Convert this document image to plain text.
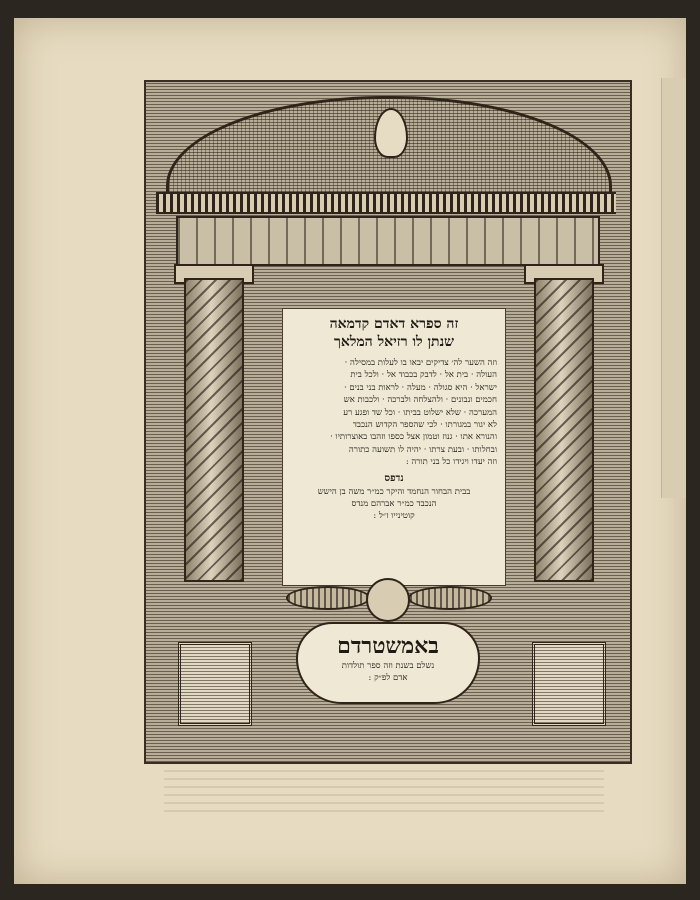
זה ספרא דאדם קדמאה

שנתן לו רזיאל המלאך

וזה השער לה׳ צדיקים יבאו בו לעלות במסילה ·
העולה · בית אל · לדבק בכבוד אל · ולכל בית
ישראל · היא סגולה · מעלה · לראות בני בנים ·
חכמים ונבונים · ולהצלחה ולברכה · ולכבות אש
המערכה · שלא ישלוט בביתו · וכל שד ופגע רע
לא יגור במגורתו · לכי שהספר הקדוש הנכבד
והנורא אתו · גנוז וטמון אצל כספו וזהבו באוצרותיו ·
ובחלותו · ובעת צרתו · יהיה לו תשועה כתורה
וזה יעדו ויגידו כל בני תורה :

נדפס

בבית הבחור הנחמד והיקר כמ״ר משה בן הישש

הנכבד כמ״ר אברהם מנדס

קוטינייו ז״ל :

באמשטרדם

נשלם בשנת וזה ספר תולדות

אדם לפ״ק :
